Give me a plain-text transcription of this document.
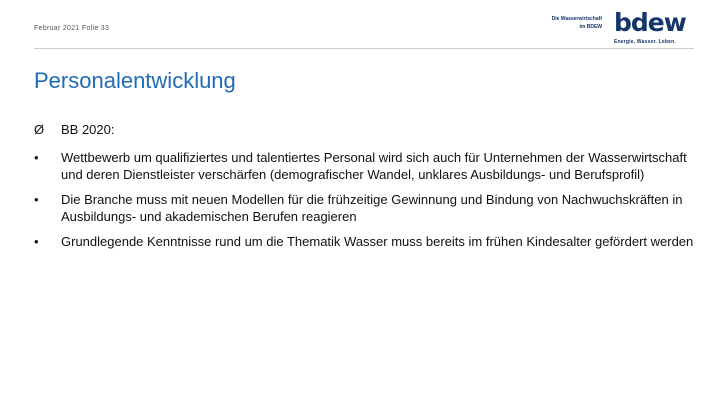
Februar 2021 Folie 33
Die Wasserwirtschaft
im BDEW bdew
Energie. Wasser. Leben.
Personalentwicklung
Ø	BB 2020:
•	Wettbewerb um qualifiziertes und talentiertes Personal wird sich auch für Unternehmen der Wasserwirtschaft und deren Dienstleister verschärfen (demografischer Wandel, unklares Ausbildungs- und Berufsprofil)
•	Die Branche muss mit neuen Modellen für die frühzeitige Gewinnung und Bindung von Nachwuchskräften in Ausbildungs- und akademischen Berufen reagieren
•	Grundlegende Kenntnisse rund um die Thematik Wasser muss bereits im frühen Kindesalter gefördert werden
